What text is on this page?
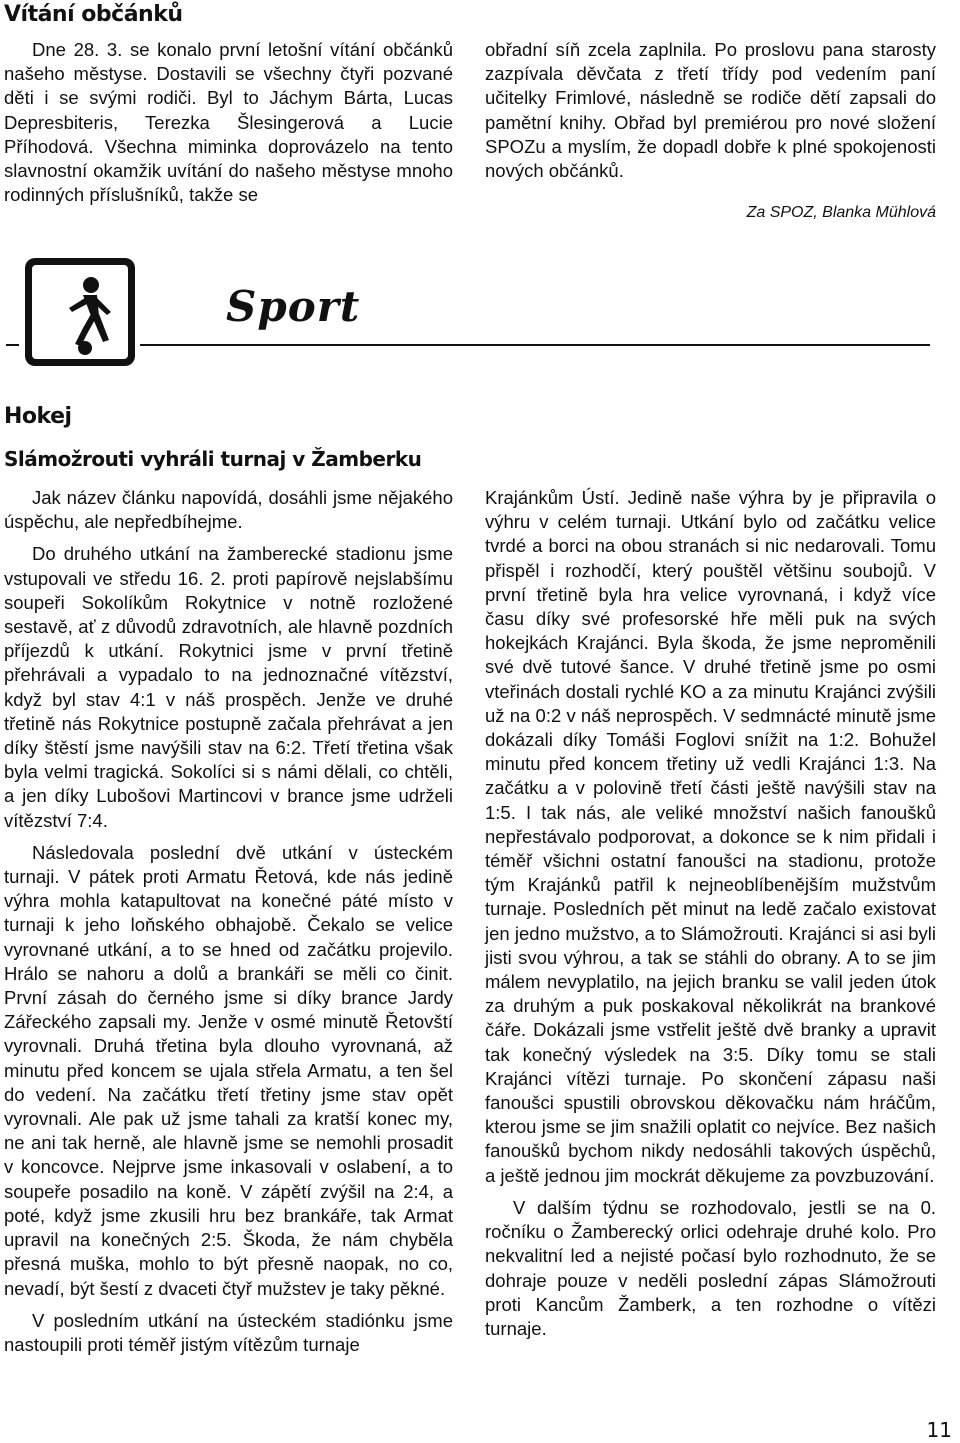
Vítání občánků

Dne 28. 3. se konalo první letošní vítání občánků našeho městyse. Dostavili se všechny čtyři pozvané děti i se svými rodiči. Byl to Jáchym Bárta, Lucas Depresbiteris, Terezka Šlesingerová a Lucie Příhodová. Všechna miminka doprovázelo na tento slavnostní okamžik uvítání do našeho městyse mnoho rodinných příslušníků, takže se

obřadní síň zcela zaplnila. Po proslovu pana starosty zazpívala děvčata z třetí třídy pod vedením paní učitelky Frimlové, následně se rodiče dětí zapsali do pamětní knihy. Obřad byl premiérou pro nové složení SPOZu a myslím, že dopadl dobře k plné spokojenosti nových občánků.

Za SPOZ, Blanka Mühlová

Sport
Hokej
Slámožrouti vyhráli turnaj v Žamberku

Jak název článku napovídá, dosáhli jsme nějakého úspěchu, ale nepředbíhejme.

Do druhého utkání na žamberecké stadionu jsme vstupovali ve středu 16. 2. proti papírově nejslabšímu soupeři Sokolíkům Rokytnice v notně rozložené sestavě, ať z důvodů zdravotních, ale hlavně pozdních příjezdů k utkání. Rokytnici jsme v první třetině přehrávali a vypadalo to na jednoznačné vítězství, když byl stav 4:1 v náš prospěch. Jenže ve druhé třetině nás Rokytnice postupně začala přehrávat a jen díky štěstí jsme navýšili stav na 6:2. Třetí třetina však byla velmi tragická. Sokolíci si s námi dělali, co chtěli, a jen díky Lubošovi Martincovi v brance jsme udrželi vítězství 7:4.

Následovala poslední dvě utkání v ústeckém turnaji. V pátek proti Armatu Řetová, kde nás jedině výhra mohla katapultovat na konečné páté místo v turnaji k jeho loňského obhajobě. Čekalo se velice vyrovnané utkání, a to se hned od začátku projevilo. Hrálo se nahoru a dolů a brankáři se měli co činit. První zásah do černého jsme si díky brance Jardy Zářeckého zapsali my. Jenže v osmé minutě Řetovští vyrovnali. Druhá třetina byla dlouho vyrovnaná, až minutu před koncem se ujala střela Armatu, a ten šel do vedení. Na začátku třetí třetiny jsme stav opět vyrovnali. Ale pak už jsme tahali za kratší konec my, ne ani tak herně, ale hlavně jsme se nemohli prosadit v koncovce. Nejprve jsme inkasovali v oslabení, a to soupeře posadilo na koně. V zápětí zvýšil na 2:4, a poté, když jsme zkusili hru bez brankáře, tak Armat upravil na konečných 2:5. Škoda, že nám chyběla přesná muška, mohlo to být přesně naopak, no co, nevadí, být šestí z dvaceti čtyř mužstev je taky pěkné.

V posledním utkání na ústeckém stadiónku jsme nastoupili proti téměř jistým vítězům turnaje

Krajánkům Ústí. Jedině naše výhra by je připravila o výhru v celém turnaji. Utkání bylo od začátku velice tvrdé a borci na obou stranách si nic nedarovali. Tomu přispěl i rozhodčí, který pouštěl většinu soubojů. V první třetině byla hra velice vyrovnaná, i když více času díky své profesorské hře měli puk na svých hokejkách Krajánci. Byla škoda, že jsme neproměnili své dvě tutové šance. V druhé třetině jsme po osmi vteřinách dostali rychlé KO a za minutu Krajánci zvýšili už na 0:2 v náš neprospěch. V sedmnácté minutě jsme dokázali díky Tomáši Foglovi snížit na 1:2. Bohužel minutu před koncem třetiny už vedli Krajánci 1:3. Na začátku a v polovině třetí části ještě navýšili stav na 1:5. I tak nás, ale veliké množství našich fanoušků nepřestávalo podporovat, a dokonce se k nim přidali i téměř všichni ostatní fanoušci na stadionu, protože tým Krajánků patřil k nejneoblíbenějším mužstvům turnaje. Posledních pět minut na ledě začalo existovat jen jedno mužstvo, a to Slámožrouti. Krajánci si asi byli jisti svou výhrou, a tak se stáhli do obrany. A to se jim málem nevyplatilo, na jejich branku se valil jeden útok za druhým a puk poskakoval několikrát na brankové čáře. Dokázali jsme vstřelit ještě dvě branky a upravit tak konečný výsledek na 3:5. Díky tomu se stali Krajánci vítězi turnaje. Po skončení zápasu naši fanoušci spustili obrovskou děkovačku nám hráčům, kterou jsme se jim snažili oplatit co nejvíce. Bez našich fanoušků bychom nikdy nedosáhli takových úspěchů, a ještě jednou jim mockrát děkujeme za povzbuzování.

V dalším týdnu se rozhodovalo, jestli se na 0. ročníku o Žamberecký orlici odehraje druhé kolo. Pro nekvalitní led a nejisté počasí bylo rozhodnuto, že se dohraje pouze v neděli poslední zápas Slámožrouti proti Kancům Žamberk, a ten rozhodne o vítězi turnaje.

11
